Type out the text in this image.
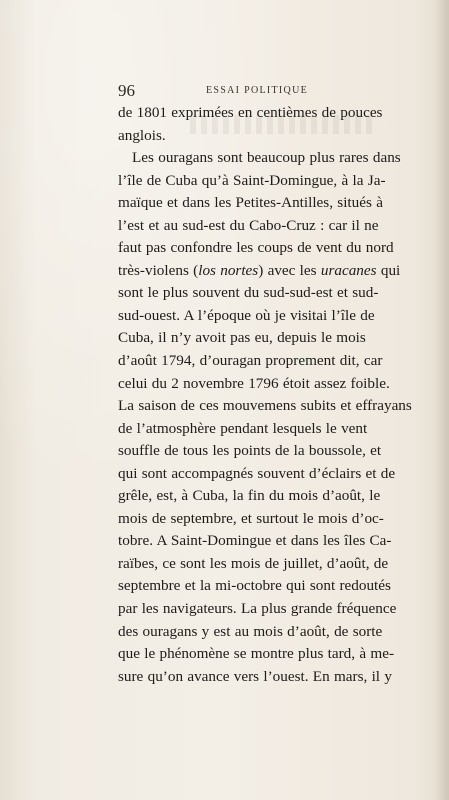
96	ESSAI POLITIQUE
de 1801 exprimées en centièmes de pouces
anglois.
Les ouragans sont beaucoup plus rares dans
l’île de Cuba qu’à Saint-Domingue, à la Ja-
maïque et dans les Petites-Antilles, situés à
l’est et au sud-est du Cabo-Cruz : car il ne
faut pas confondre les coups de vent du nord
très-violens (los nortes) avec les uracanes qui
sont le plus souvent du sud-sud-est et sud-
sud-ouest. A l’époque où je visitai l’île de
Cuba, il n’y avoit pas eu, depuis le mois
d’août 1794, d’ouragan proprement dit, car
celui du 2 novembre 1796 étoit assez foible.
La saison de ces mouvemens subits et effrayans
de l’atmosphère pendant lesquels le vent
souffle de tous les points de la boussole, et
qui sont accompagnés souvent d’éclairs et de
grêle, est, à Cuba, la fin du mois d’août, le
mois de septembre, et surtout le mois d’oc-
tobre. A Saint-Domingue et dans les îles Ca-
raïbes, ce sont les mois de juillet, d’août, de
septembre et la mi-octobre qui sont redoutés
par les navigateurs. La plus grande fréquence
des ouragans y est au mois d’août, de sorte
que le phénomène se montre plus tard, à me-
sure qu’on avance vers l’ouest. En mars, il y
